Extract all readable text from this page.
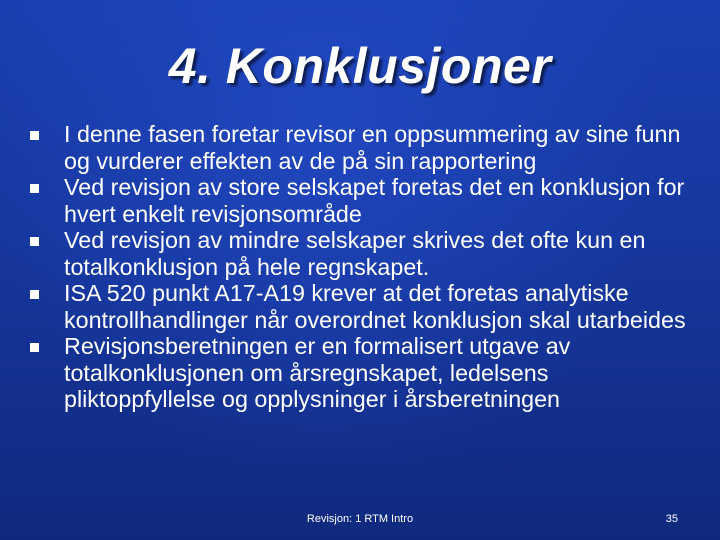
4. Konklusjoner
I denne fasen foretar revisor en oppsummering av sine funn og vurderer effekten av de på sin rapportering
Ved revisjon av store selskapet foretas det en konklusjon for hvert enkelt revisjonsområde
Ved revisjon av mindre selskaper skrives det ofte kun en totalkonklusjon på hele regnskapet.
ISA 520 punkt A17-A19 krever at det foretas analytiske kontrollhandlinger når overordnet konklusjon skal utarbeides
Revisjonsberetningen er en formalisert utgave av totalkonklusjonen om årsregnskapet, ledelsens pliktoppfyllelse og opplysninger i årsberetningen
Revisjon: 1 RTM Intro	35
